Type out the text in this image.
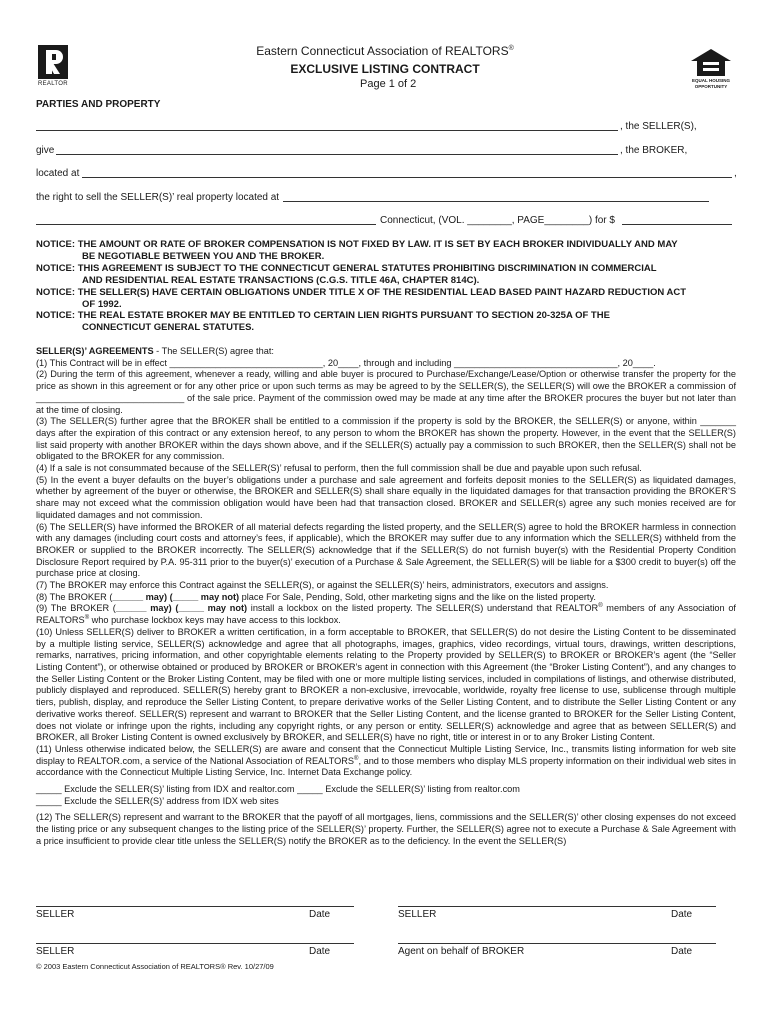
REALTOR
EQUAL HOUSING
OPPORTUNITY
Eastern Connecticut Association of REALTORS®
EXCLUSIVE LISTING CONTRACT
Page 1 of 2
PARTIES AND PROPERTY
, the SELLER(S),
give	, the BROKER,
located at	,
the right to sell the SELLER(S)’ real property located at
Connecticut, (VOL. ________, PAGE________) for $

NOTICE: THE AMOUNT OR RATE OF BROKER COMPENSATION IS NOT FIXED BY LAW. IT IS SET BY EACH BROKER INDIVIDUALLY AND MAY

BE NEGOTIABLE BETWEEN YOU AND THE BROKER.

NOTICE: THIS AGREEMENT IS SUBJECT TO THE CONNECTICUT GENERAL STATUTES PROHIBITING DISCRIMINATION IN COMMERCIAL

AND RESIDENTIAL REAL ESTATE TRANSACTIONS (C.G.S. TITLE 46A, CHAPTER 814C).

NOTICE: THE SELLER(S) HAVE CERTAIN OBLIGATIONS UNDER TITLE X OF THE RESIDENTIAL LEAD BASED PAINT HAZARD REDUCTION ACT

OF 1992.

NOTICE: THE REAL ESTATE BROKER MAY BE ENTITLED TO CERTAIN LIEN RIGHTS PURSUANT TO SECTION 20-325A OF THE

CONNECTICUT GENERAL STATUTES.

SELLER(S)’ AGREEMENTS - The SELLER(S) agree that:

(1) This Contract will be in effect ______________________________, 20____, through and including ________________________________, 20____.

(2) During the term of this agreement, whenever a ready, willing and able buyer is procured to Purchase/Exchange/Lease/Option or otherwise transfer the property for the price as shown in this agreement or for any other price or upon such terms as may be agreed to by the SELLER(S), the SELLER(S) will owe the BROKER a commission of _____________________________ of the sale price. Payment of the commission owed may be made at any time after the BROKER procures the buyer but not later than at the time of closing.

(3) The SELLER(S) further agree that the BROKER shall be entitled to a commission if the property is sold by the BROKER, the SELLER(S) or anyone, within _______ days after the expiration of this contract or any extension hereof, to any person to whom the BROKER has shown the property. However, in the event that the SELLER(S) list said property with another BROKER within the days shown above, and if the SELLER(S) actually pay a commission to such BROKER, then the SELLER(S) shall not be obligated to the BROKER for any commission.

(4) If a sale is not consummated because of the SELLER(S)’ refusal to perform, then the full commission shall be due and payable upon such refusal.

(5) In the event a buyer defaults on the buyer’s obligations under a purchase and sale agreement and forfeits deposit monies to the SELLER(S) as liquidated damages, whether by agreement of the buyer or otherwise, the BROKER and SELLER(S) shall share equally in the liquidated damages for that transaction providing the BROKER’S share may not exceed what the commission obligation would have been had that transaction closed. BROKER and SELLER(s) agree any such monies received are for liquidated damages and not commission.

(6) The SELLER(S) have informed the BROKER of all material defects regarding the listed property, and the SELLER(S) agree to hold the BROKER harmless in connection with any damages (including court costs and attorney’s fees, if applicable), which the BROKER may suffer due to any information which the SELLER(S) withheld from the BROKER or supplied to the BROKER incorrectly. The SELLER(S) acknowledge that if the SELLER(S) do not furnish buyer(s) with the Residential Property Condition Disclosure Report required by P.A. 95-311 prior to the buyer(s)’ execution of a Purchase & Sale Agreement, the SELLER(S) will be liable for a $300 credit to buyer(s) off the purchase price at closing.

(7) The BROKER may enforce this Contract against the SELLER(S), or against the SELLER(S)’ heirs, administrators, executors and assigns.

(8) The BROKER (______ may) (_____ may not) place For Sale, Pending, Sold, other marketing signs and the like on the listed property.

(9) The BROKER (______ may) (_____ may not) install a lockbox on the listed property. The SELLER(S) understand that REALTOR® members of any Association of REALTORS® who purchase lockbox keys may have access to this lockbox.

(10) Unless SELLER(S) deliver to BROKER a written certification, in a form acceptable to BROKER, that SELLER(S) do not desire the Listing Content to be disseminated by a multiple listing service, SELLER(S) acknowledge and agree that all photographs, images, graphics, video recordings, virtual tours, drawings, written descriptions, remarks, narratives, pricing information, and other copyrightable elements relating to the Property provided by SELLER(S) to BROKER or BROKER’s agent (the “Seller Listing Content”), or otherwise obtained or produced by BROKER or BROKER’s agent in connection with this Agreement (the “Broker Listing Content”), and any changes to the Seller Listing Content or the Broker Listing Content, may be filed with one or more multiple listing services, included in compilations of listings, and otherwise distributed, publicly displayed and reproduced. SELLER(S) hereby grant to BROKER a non-exclusive, irrevocable, worldwide, royalty free license to use, sublicense through multiple tiers, publish, display, and reproduce the Seller Listing Content, to prepare derivative works of the Seller Listing Content, and to distribute the Seller Listing Content or any derivative works thereof. SELLER(S) represent and warrant to BROKER that the Seller Listing Content, and the license granted to BROKER for the Seller Listing Content, does not violate or infringe upon the rights, including any copyright rights, or any person or entity. SELLER(S) acknowledge and agree that as between SELLER(S) and BROKER, all Broker Listing Content is owned exclusively by BROKER, and SELLER(S) have no right, title or interest in or to any Broker Listing Content.

(11) Unless otherwise indicated below, the SELLER(S) are aware and consent that the Connecticut Multiple Listing Service, Inc., transmits listing information for web site display to REALTOR.com, a service of the National Association of REALTORS®, and to those members who display MLS property information on their individual web sites in accordance with the Connecticut Multiple Listing Service, Inc. Internet Data Exchange policy.

_____ Exclude the SELLER(S)’ listing from IDX and realtor.com _____ Exclude the SELLER(S)’ listing from realtor.com

_____ Exclude the SELLER(S)’ address from IDX web sites

(12) The SELLER(S) represent and warrant to the BROKER that the payoff of all mortgages, liens, commissions and the SELLER(S)’ other closing expenses do not exceed the listing price or any subsequent changes to the listing price of the SELLER(S)’ property. Further, the SELLER(S) agree not to execute a Purchase & Sale Agreement with a price insufficient to provide clear title unless the SELLER(S) notify the BROKER as to the deficiency. In the event the SELLER(S)

SELLER	Date	SELLER	Date
SELLER	Date	Agent on behalf of BROKER	Date
© 2003 Eastern Connecticut Association of REALTORS® Rev. 10/27/09
